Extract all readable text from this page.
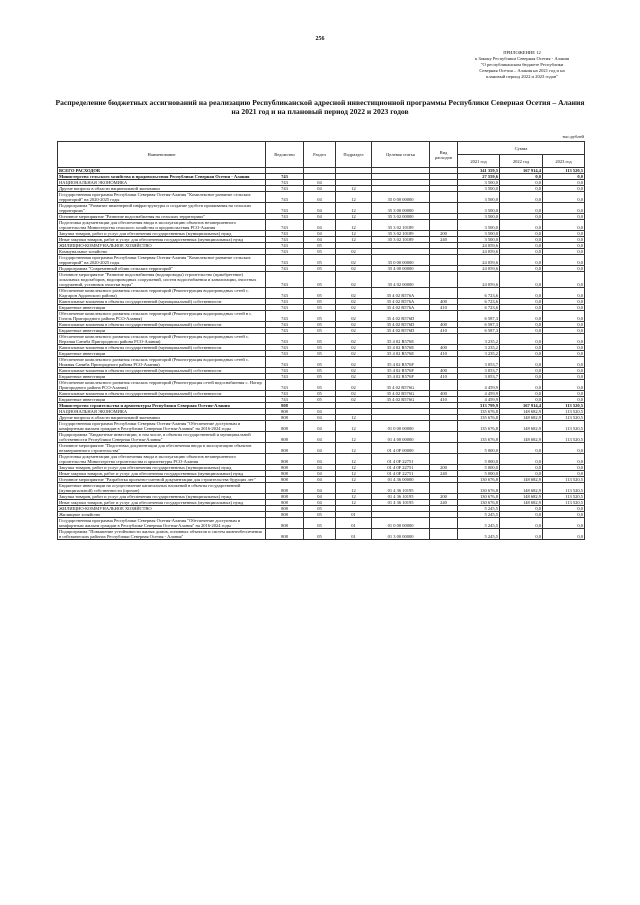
256
ПРИЛОЖЕНИЕ 12
к Закону Республики Северная Осетия - Алания
"О республиканском бюджете Республики
Северная Осетия – Алания на 2021 год и на
плановый период 2022 и 2023 годов"
Распределение бюджетных ассигнований на реализацию Республиканской адресной инвестиционной программы Республики Северная Осетия – Алания на 2021 год и на плановый период 2022 и 2023 годов
тыс.рублей
Наименование	Ведомство	Раздел	Подраздел	Целевая статья	Вид расходов	Сумма		
						2021 год	2022 год	2023 год
ВСЕГО РАСХОДОВ						341 359,5	167 914,4	113 520,5
Министерство сельского хозяйства и продовольствия Республики Северная Осетия - Алания	743					27 559,6	0,0	0,0
НАЦИОНАЛЬНАЯ ЭКОНОМИКА	743	04				3 500,0	0,0	0,0
Другие вопросы в области национальной экономики	743	04	12			3 500,0	0,0	0,0
Государственная программа Республики Северная Осетия-Алания "Комплексное развитие сельских территорий" на 2020-2025 годы	743	04	12	35 0 00 00000		3 500,0	0,0	0,0
Подпрограмма "Развитие инженерной инфраструктуры и создание удобств проживания на сельских территориях"	743	04	12	35 3 00 00000		3 500,0	0,0	0,0
Основное мероприятие "Развитие водоснабжения на сельских территориях"	743	04	12	35 3 02 00000		3 500,0	0,0	0,0
Подготовка документации для обеспечения ввода в эксплуатацию объектов незавершенного строительства Министерства сельского хозяйства и продовольствия РСО-Алания	743	04	12	35 3 02 10189		3 500,0	0,0	0,0
Закупка товаров, работ и услуг для обеспечения государственных (муниципальных) нужд	743	04	12	35 3 02 10189	200	3 500,0	0,0	0,0
Иные закупки товаров, работ и услуг для обеспечения государственных (муниципальных) нужд	743	04	12	35 3 02 10189	240	3 500,0	0,0	0,0
ЖИЛИЩНО-КОММУНАЛЬНОЕ ХОЗЯЙСТВО	743	05				24 059,6	0,0	0,0
Коммунальное хозяйство	743	05	02			24 059,6	0,0	0,0
Государственная программа Республики Северная Осетия-Алания "Комплексное развитие сельских территорий" на 2020-2025 годы	743	05	02	35 0 00 00000		24 059,6	0,0	0,0
Подпрограмма "Современный облик сельских территорий"	743	05	02	35 4 00 00000		24 059,6	0,0	0,0
Основное мероприятие "Развитие водоснабжения (водопроводы) строительство (приобретение) локальных водозаборов, водопроводных сооружений, систем водоснабжения и канализации, очистных сооружений, установок очистки воды"	743	05	02	35 4 02 00000		24 059,6	0,0	0,0
Обеспечение комплексного развития сельских территорий (Реконструкция водопроводных сетей с. Кадгарон Ардонского района)	743	05	02	35 4 02 R576A		6 723,6	0,0	0,0
Капитальные вложения в объекты государственной (муниципальной) собственности	743	05	02	35 4 02 R576A	400	6 723,6	0,0	0,0
Бюджетные инвестиции	743	05	02	35 4 02 R576A	410	6 723,6	0,0	0,0
Обеспечение комплексного развития сельских территорий (Реконструкция водопроводных сетей в с. Гизель Пригородного района РСО-Алания)	743	05	02	35 4 02 R576D		6 587,3	0,0	0,0
Капитальные вложения в объекты государственной (муниципальной) собственности	743	05	02	35 4 02 R576D	400	6 587,3	0,0	0,0
Бюджетные инвестиции	743	05	02	35 4 02 R576D	410	6 587,3	0,0	0,0
Обеспечение комплексного развития сельских территорий (Реконструкция водопроводных сетей с. Верхняя Саниба Пригородного района РСО-Алания)	743	05	02	35 4 02 R576E		3 235,2	0,0	0,0
Капитальные вложения в объекты государственной (муниципальной) собственности	743	05	02	35 4 02 R576E	400	3 235,2	0,0	0,0
Бюджетные инвестиции	743	05	02	35 4 02 R576E	410	3 235,2	0,0	0,0
Обеспечение комплексного развития сельских территорий (Реконструкция водопроводных сетей с. Нижняя Саниба Пригородного района РСО-Алания)	743	05	02	35 4 02 R576F		3 053,7	0,0	0,0
Капитальные вложения в объекты государственной (муниципальной) собственности	743	05	02	35 4 02 R576F	400	3 053,7	0,0	0,0
Бюджетные инвестиции	743	05	02	35 4 02 R576F	410	3 053,7	0,0	0,0
Обеспечение комплексного развития сельских территорий (Реконструкция сетей водоснабжения с. Ногир Пригородного района РСО-Алания)	743	05	02	35 4 02 R576G		4 459,9	0,0	0,0
Капитальные вложения в объекты государственной (муниципальной) собственности	743	05	02	35 4 02 R576G	400	4 459,9	0,0	0,0
Бюджетные инвестиции	743	05	02	35 4 02 R576G	410	4 459,9	0,0	0,0
Министерство строительства и архитектуры Республики Северная Осетия-Алания	808					313 799,9	167 914,4	113 520,5
НАЦИОНАЛЬНАЯ ЭКОНОМИКА	808	04				135 676,8	148 682,9	113 520,5
Другие вопросы в области национальной экономики	808	04	12			135 676,8	148 682,9	113 520,5
Государственная программа Республики Северная Осетия-Алания "Обеспечение доступным и комфортным жильем граждан в Республике Северная Осетия-Алания" на 2016-2024 годы	808	04	12	01 0 00 00000		135 676,8	148 682,9	113 520,5
Подпрограмма "Бюджетные инвестиции, в том числе, в объекты государственной и муниципальной собственности Республики Северная Осетия-Алания"	808	04	12	01 4 00 00000		135 676,8	148 682,9	113 520,5
Основное мероприятие "Подготовка документации для обеспечения ввода в эксплуатацию объектов незавершенного строительства"	808	04	12	01 4 0F 00000		5 000,0	0,0	0,0
Подготовка документации для обеспечения ввода в эксплуатацию объектов незавершенного строительства Министерства строительства и архитектуры РСО-Алания	808	04	12	01 4 0F 22751		5 000,0	0,0	0,0
Закупка товаров, работ и услуг для обеспечения государственных (муниципальных) нужд	808	04	12	01 4 0F 22751	200	5 000,0	0,0	0,0
Иные закупки товаров, работ и услуг для обеспечения государственных (муниципальных) нужд	808	04	12	01 4 0F 22751	240	5 000,0	0,0	0,0
Основное мероприятие "Разработка проектно-сметной документации для строительства будущих лет"	808	04	12	01 4 36 00000		130 676,8	148 682,9	113 520,5
Бюджетные инвестиции на осуществление капитальных вложений в объекты государственной (муниципальной) собственности (прочие)	808	04	12	01 4 36 10195		130 676,8	148 682,9	113 520,5
Закупка товаров, работ и услуг для обеспечения государственных (муниципальных) нужд	808	04	12	01 4 36 10195	200	130 676,8	148 682,9	113 520,5
Иные закупки товаров, работ и услуг для обеспечения государственных (муниципальных) нужд	808	04	12	01 4 36 10195	240	130 676,8	148 682,9	113 520,5
ЖИЛИЩНО-КОММУНАЛЬНОЕ ХОЗЯЙСТВО	808	05				5 245,5	0,0	0,0
Жилищное хозяйство	808	05	01			5 245,5	0,0	0,0
Государственная программа Республики Северная Осетия-Алания "Обеспечение доступным и комфортным жильем граждан в Республике Северная Осетия-Алания" на 2016-2024 годы	808	05	01	01 0 00 00000		5 245,5	0,0	0,0
Подпрограмма "Повышение устойчивости жилых домов, основных объектов и систем жизнеобеспечения в сейсмических районах Республики Северная Осетия - Алания"	808	05	01	01 3 00 00000		5 245,5	0,0	0,0
